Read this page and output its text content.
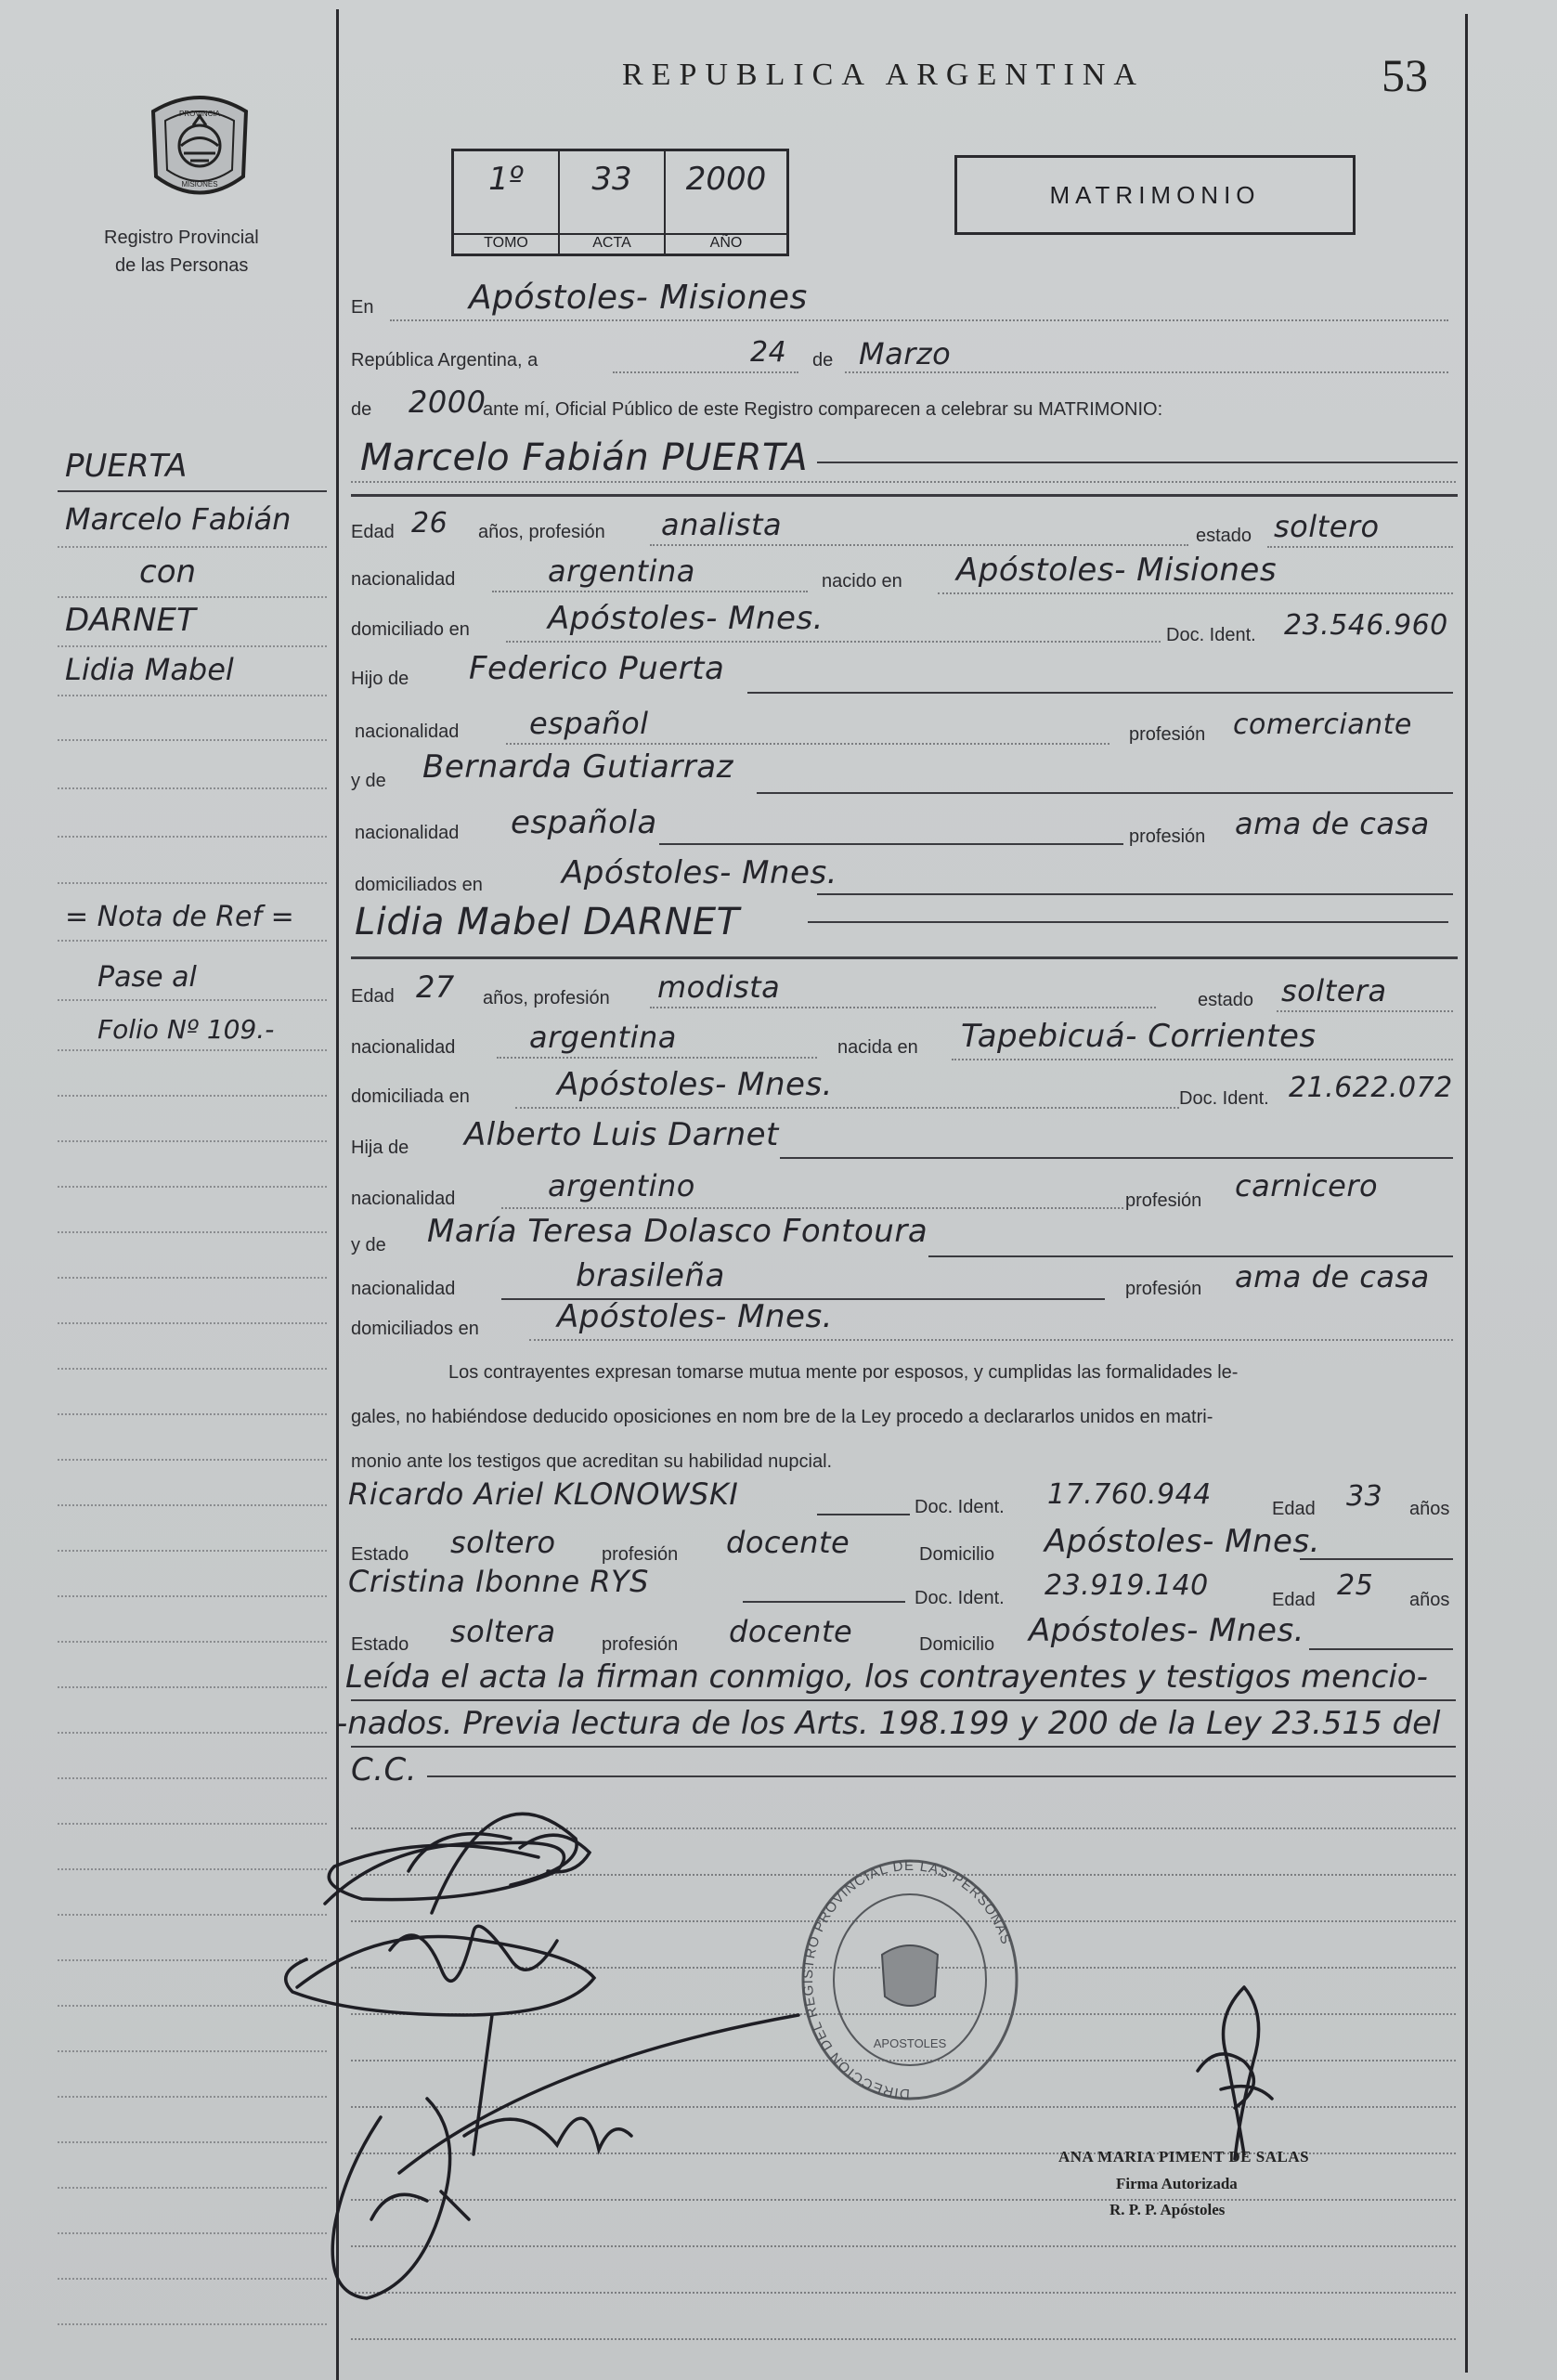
PROVINCIA
MISIONES
Registro Provincial
de las Personas
REPUBLICA ARGENTINA	53
1º
TOMO
33
ACTA
2000
AÑO
MATRIMONIO
PUERTA
Marcelo Fabián
con
DARNET
Lidia Mabel
= Nota de Ref =
Pase al
Folio Nº 109.-
En	Apóstoles- Misiones
República Argentina, a	24 de Marzo
de 2000
ante mí, Oficial Público de este Registro comparecen a celebrar su MATRIMONIO:
Marcelo Fabián PUERTA
Edad 26 años, profesión analista	estado soltero
nacionalidad	argentina	nacido en Apóstoles- Misiones
domiciliado en Apóstoles- Mnes.	Doc. Ident. 23.546.960
Hijo de Federico Puerta
nacionalidad español	profesión comerciante
y de Bernarda Gutiarraz
nacionalidad española	profesión ama de casa
domiciliados en	Apóstoles- Mnes.
Lidia Mabel DARNET
Edad 27 años, profesión modista	estado soltera
nacionalidad argentina	nacida en Tapebicuá- Corrientes
domiciliada en	Apóstoles- Mnes.	Doc. Ident. 21.622.072
Hija de Alberto Luis Darnet
nacionalidad	argentino	profesión carnicero
y de María Teresa Dolasco Fontoura
nacionalidad	brasileña	profesión ama de casa
domiciliados en Apóstoles- Mnes.
Los contrayentes expresan tomarse mutua mente por esposos, y cumplidas las formalidades le-
gales, no habiéndose deducido oposiciones en nom bre de la Ley procedo a declararlos unidos en matri-
monio ante los testigos que acreditan su habilidad nupcial.
Ricardo Ariel KLONOWSKI	Doc. Ident. 17.760.944	Edad 33 años
Estado soltero profesión docente	Domicilio Apóstoles- Mnes.
Cristina Ibonne RYS	Doc. Ident. 23.919.140	Edad 25 años
Estado soltera profesión docente	Domicilio Apóstoles- Mnes.
Leída el acta la firman conmigo, los contrayentes y testigos mencio-
-nados. Previa lectura de los Arts. 198.199 y 200 de la Ley 23.515 del
C.C.
DIRECCION DEL REGISTRO PROVINCIAL DE LAS PERSONAS
APOSTOLES
ANA MARIA PIMENT DE SALAS
Firma Autorizada
R. P. P. Apóstoles
